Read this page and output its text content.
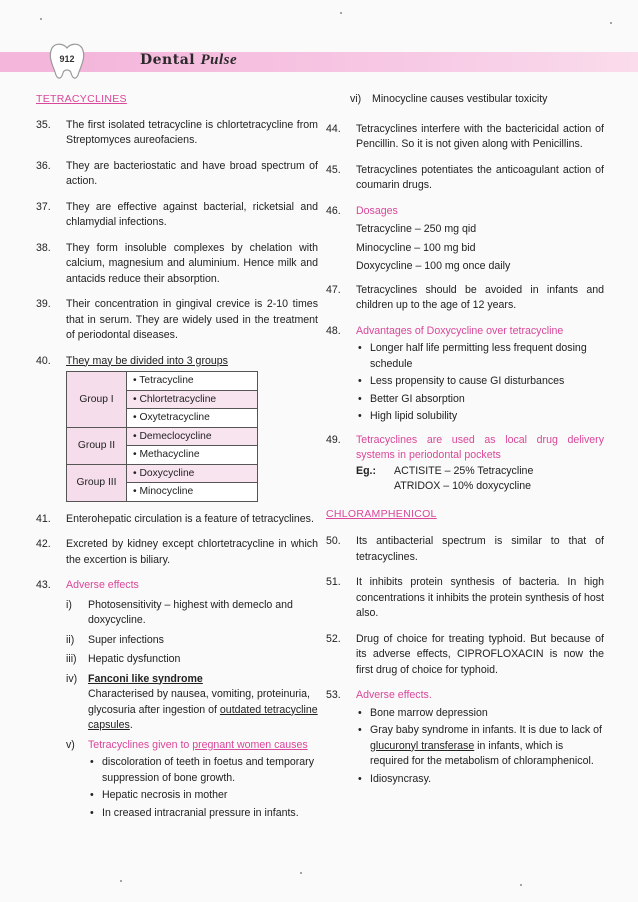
912	Dental Pulse
TETRACYCLINES
35.	The first isolated tetracycline is chlortetracycline from Streptomyces aureofaciens.
36.	They are bacteriostatic and have broad spectrum of action.
37.	They are effective against bacterial, ricketsial and chlamydial infections.
38.	They form insoluble complexes by chelation with calcium, magnesium and aluminium. Hence milk and antacids reduce their absorption.
39.	Their concentration in gingival crevice is 2-10 times that in serum. They are widely used in the treatment of periodontal diseases.
40.	They may be divided into 3 groups
Group I	• Tetracycline
• Chlortetracycline
• Oxytetracycline

Group II	• Demeclocycline
• Methacycline

Group III	• Doxycycline
• Minocycline
41.	Enterohepatic circulation is a feature of tetracyclines.
42.	Excreted by kidney except chlortetracycline in which the excertion is biliary.
43.	Adverse effects
i)	Photosensitivity – highest with demeclo and doxycycline.
ii)	Super infections
iii)	Hepatic dysfunction
iv)	Fanconi like syndrome
Characterised by nausea, vomiting, proteinuria, glycosuria after ingestion of outdated tetracycline capsules.
v)	Tetracyclines given to pregnant women causes
• discoloration of teeth in foetus and temporary suppression of bone growth.
• Hepatic necrosis in mother
• In creased intracranial pressure in infants.
vi)	Minocycline causes vestibular toxicity
44.	Tetracyclines interfere with the bactericidal action of Pencillin. So it is not given along with Penicillins.
45.	Tetracyclines potentiates the anticoagulant action of coumarin drugs.
46.	Dosages
Tetracycline – 250 mg qid
Minocycline – 100 mg bid
Doxycycline – 100 mg once daily
47.	Tetracyclines should be avoided in infants and children up to the age of 12 years.
48.	Advantages of Doxycycline over tetracycline
• Longer half life permitting less frequent dosing schedule
• Less propensity to cause GI disturbances
• Better GI absorption
• High lipid solubility
49.	Tetracyclines are used as local drug delivery systems in periodontal pockets
Eg.:	ACTISITE – 25% Tetracycline
ATRIDOX – 10% doxycycline
CHLORAMPHENICOL
50.	Its antibacterial spectrum is similar to that of tetracyclines.
51.	It inhibits protein synthesis of bacteria. In high concentrations it inhibits the protein synthesis of host also.
52.	Drug of choice for treating typhoid. But because of its adverse effects, CIPROFLOXACIN is now the first drug of choice for typhoid.
53.	Adverse effects.
• Bone marrow depression
• Gray baby syndrome in infants. It is due to lack of glucuronyl transferase in infants, which is required for the metabolism of chloramphenicol.
• Idiosyncrasy.
